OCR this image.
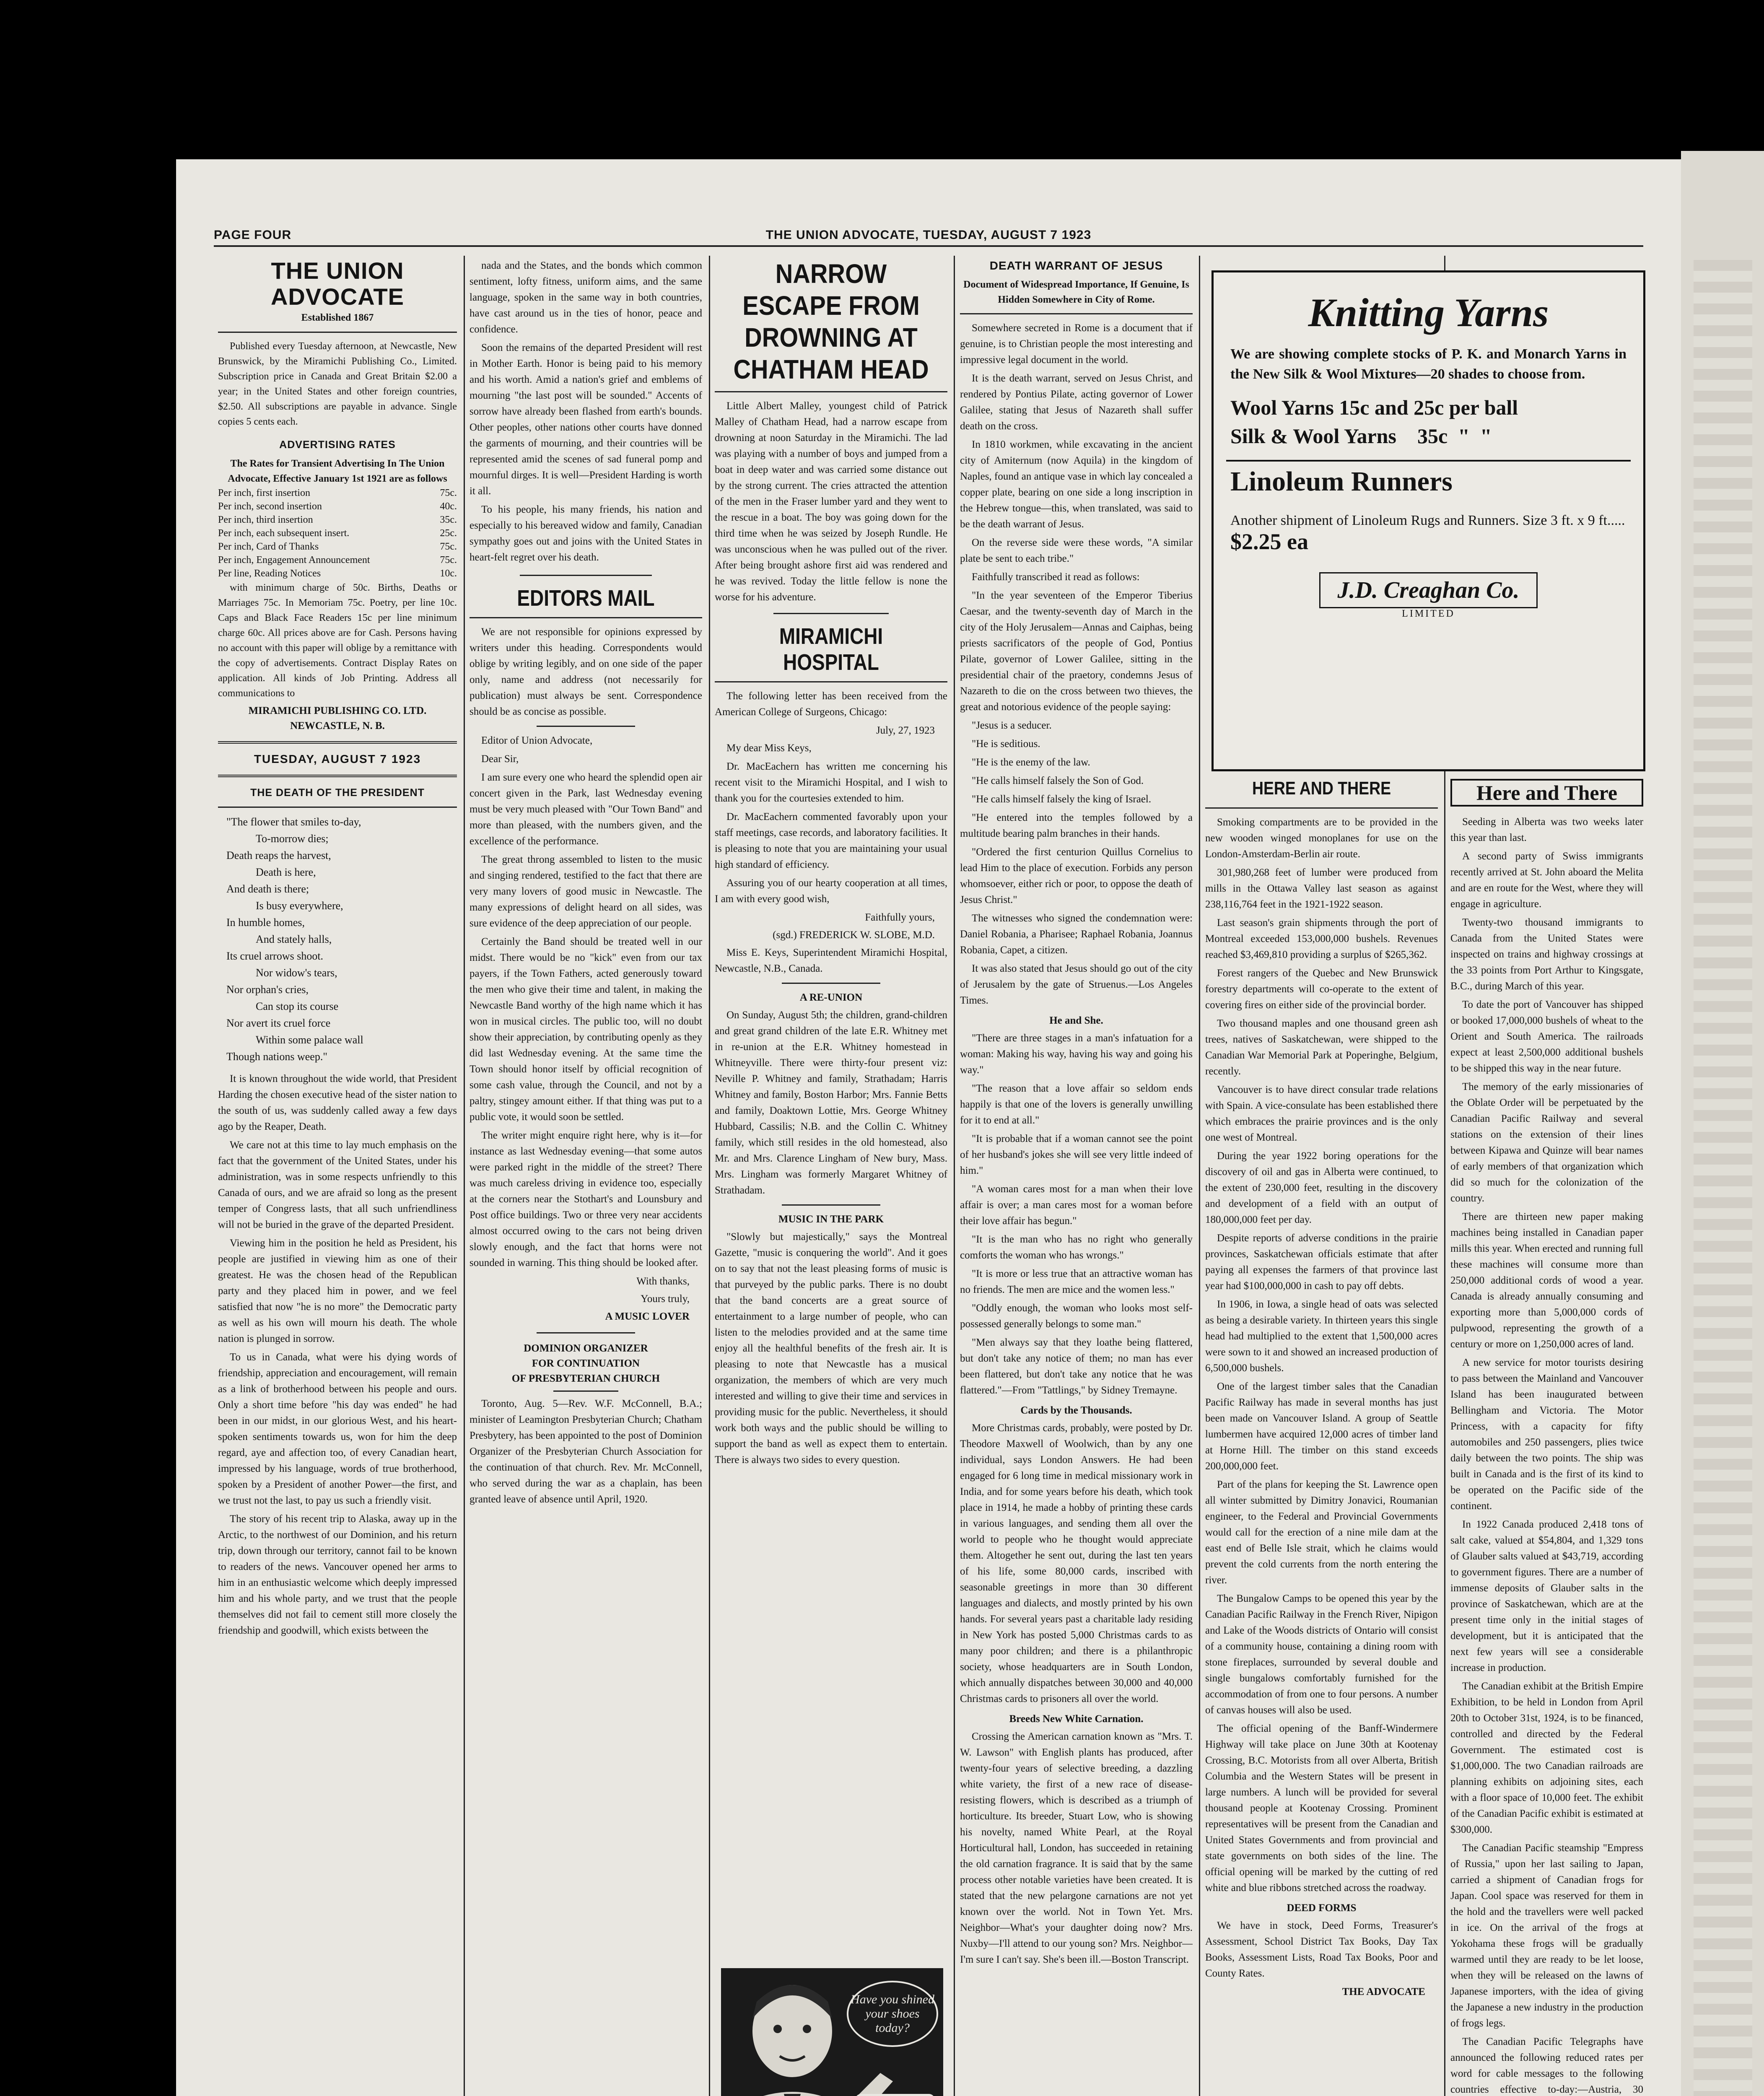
PAGE FOUR	THE UNION ADVOCATE, TUESDAY, AUGUST 7 1923
THE UNION ADVOCATE
Established 1867

Published every Tuesday afternoon, at Newcastle, New Brunswick, by the Miramichi Publishing Co., Limited. Subscription price in Canada and Great Britain $2.00 a year; in the United States and other foreign countries, $2.50. All subscriptions are payable in advance. Single copies 5 cents each.

ADVERTISING RATES
The Rates for Transient Advertising In The Union Advocate, Effective January 1st 1921 are as follows
Per inch, first insertion	75c.
Per inch, second insertion	40c.
Per inch, third insertion	35c.
Per inch, each subsequent insert.	25c.
Per inch, Card of Thanks	75c.
Per inch, Engagement Announcement	75c.
Per line, Reading Notices	10c.

with minimum charge of 50c. Births, Deaths or Marriages 75c. In Memoriam 75c. Poetry, per line 10c. Caps and Black Face Readers 15c per line minimum charge 60c. All prices above are for Cash. Persons having no account with this paper will oblige by a remittance with the copy of advertisements. Contract Display Rates on application. All kinds of Job Printing. Address all communications to

MIRAMICHI PUBLISHING CO. LTD.
NEWCASTLE, N. B.
TUESDAY, AUGUST 7 1923
THE DEATH OF THE PRESIDENT
"The flower that smiles to-day,
To-morrow dies;
Death reaps the harvest,
Death is here,
And death is there;
Is busy everywhere,
In humble homes,
And stately halls,
Its cruel arrows shoot.
Nor widow's tears,
Nor orphan's cries,
Can stop its course
Nor avert its cruel force
Within some palace wall
Though nations weep."

It is known throughout the wide world, that President Harding the chosen executive head of the sister nation to the south of us, was suddenly called away a few days ago by the Reaper, Death.

We care not at this time to lay much emphasis on the fact that the government of the United States, under his administration, was in some respects unfriendly to this Canada of ours, and we are afraid so long as the present temper of Congress lasts, that all such unfriendliness will not be buried in the grave of the departed President.

Viewing him in the position he held as President, his people are justified in viewing him as one of their greatest. He was the chosen head of the Republican party and they placed him in power, and we feel satisfied that now "he is no more" the Democratic party as well as his own will mourn his death. The whole nation is plunged in sorrow.

To us in Canada, what were his dying words of friendship, appreciation and encouragement, will remain as a link of brotherhood between his people and ours. Only a short time before "his day was ended" he had been in our midst, in our glorious West, and his heart-spoken sentiments towards us, won for him the deep regard, aye and affection too, of every Canadian heart, impressed by his language, words of true brotherhood, spoken by a President of another Power—the first, and we trust not the last, to pay us such a friendly visit.

The story of his recent trip to Alaska, away up in the Arctic, to the northwest of our Dominion, and his return trip, down through our territory, cannot fail to be known to readers of the news. Vancouver opened her arms to him in an enthusiastic welcome which deeply impressed him and his whole party, and we trust that the people themselves did not fail to cement still more closely the friendship and goodwill, which exists between the

nada and the States, and the bonds which common sentiment, lofty fitness, uniform aims, and the same language, spoken in the same way in both countries, have cast around us in the ties of honor, peace and confidence.

Soon the remains of the departed President will rest in Mother Earth. Honor is being paid to his memory and his worth. Amid a nation's grief and emblems of mourning "the last post will be sounded." Accents of sorrow have already been flashed from earth's bounds. Other peoples, other nations other courts have donned the garments of mourning, and their countries will be represented amid the scenes of sad funeral pomp and mournful dirges. It is well—President Harding is worth it all.

To his people, his many friends, his nation and especially to his bereaved widow and family, Canadian sympathy goes out and joins with the United States in heart-felt regret over his death.

EDITORS MAIL

We are not responsible for opinions expressed by writers under this heading. Correspondents would oblige by writing legibly, and on one side of the paper only, name and address (not necessarily for publication) must always be sent. Correspondence should be as concise as possible.

Editor of Union Advocate,

Dear Sir,

I am sure every one who heard the splendid open air concert given in the Park, last Wednesday evening must be very much pleased with "Our Town Band" and more than pleased, with the numbers given, and the excellence of the performance.

The great throng assembled to listen to the music and singing rendered, testified to the fact that there are very many lovers of good music in Newcastle. The many expressions of delight heard on all sides, was sure evidence of the deep appreciation of our people.

Certainly the Band should be treated well in our midst. There would be no "kick" even from our tax payers, if the Town Fathers, acted generously toward the men who give their time and talent, in making the Newcastle Band worthy of the high name which it has won in musical circles. The public too, will no doubt show their appreciation, by contributing openly as they did last Wednesday evening. At the same time the Town should honor itself by official recognition of some cash value, through the Council, and not by a paltry, stingey amount either. If that thing was put to a public vote, it would soon be settled.

The writer might enquire right here, why is it—for instance as last Wednesday evening—that some autos were parked right in the middle of the street? There was much careless driving in evidence too, especially at the corners near the Stothart's and Lounsbury and Post office buildings. Two or three very near accidents almost occurred owing to the cars not being driven slowly enough, and the fact that horns were not sounded in warning. This thing should be looked after.

With thanks,
Yours truly,
A MUSIC LOVER
DOMINION ORGANIZER
FOR CONTINUATION
OF PRESBYTERIAN CHURCH

Toronto, Aug. 5—Rev. W.F. McConnell, B.A.; minister of Leamington Presbyterian Church; Chatham Presbytery, has been appointed to the post of Dominion Organizer of the Presbyterian Church Association for the continuation of that church. Rev. Mr. McConnell, who served during the war as a chaplain, has been granted leave of absence until April, 1920.

NARROW ESCAPE FROM DROWNING AT CHATHAM HEAD

Little Albert Malley, youngest child of Patrick Malley of Chatham Head, had a narrow escape from drowning at noon Saturday in the Miramichi. The lad was playing with a number of boys and jumped from a boat in deep water and was carried some distance out by the strong current. The cries attracted the attention of the men in the Fraser lumber yard and they went to the rescue in a boat. The boy was going down for the third time when he was seized by Joseph Rundle. He was unconscious when he was pulled out of the river. After being brought ashore first aid was rendered and he was revived. Today the little fellow is none the worse for his adventure.

MIRAMICHI HOSPITAL

The following letter has been received from the American College of Surgeons, Chicago:

July, 27, 1923

My dear Miss Keys,

Dr. MacEachern has written me concerning his recent visit to the Miramichi Hospital, and I wish to thank you for the courtesies extended to him.

Dr. MacEachern commented favorably upon your staff meetings, case records, and laboratory facilities. It is pleasing to note that you are maintaining your usual high standard of efficiency.

Assuring you of our hearty cooperation at all times, I am with every good wish,

Faithfully yours,
(sgd.) FREDERICK W. SLOBE, M.D.

Miss E. Keys, Superintendent Miramichi Hospital, Newcastle, N.B., Canada.

A RE-UNION

On Sunday, August 5th; the children, grand-children and great grand children of the late E.R. Whitney met in re-union at the E.R. Whitney homestead in Whitneyville. There were thirty-four present viz: Neville P. Whitney and family, Strathadam; Harris Whitney and family, Boston Harbor; Mrs. Fannie Betts and family, Doaktown Lottie, Mrs. George Whitney Hubbard, Cassilis; N.B. and the Collin C. Whitney family, which still resides in the old homestead, also Mr. and Mrs. Clarence Lingham of New bury, Mass. Mrs. Lingham was formerly Margaret Whitney of Strathadam.

MUSIC IN THE PARK

"Slowly but majestically," says the Montreal Gazette, "music is conquering the world". And it goes on to say that not the least pleasing forms of music is that purveyed by the public parks. There is no doubt that the band concerts are a great source of entertainment to a large number of people, who can listen to the melodies provided and at the same time enjoy all the healthful benefits of the fresh air. It is pleasing to note that Newcastle has a musical organization, the members of which are very much interested and willing to give their time and services in providing music for the public. Nevertheless, it should work both ways and the public should be willing to support the band as well as expect them to entertain. There is always two sides to every question.

Have you shined your shoes today?
DEATH WARRANT OF JESUS
Document of Widespread Importance, If Genuine, Is Hidden Somewhere in City of Rome.

Somewhere secreted in Rome is a document that if genuine, is to Christian people the most interesting and impressive legal document in the world.

It is the death warrant, served on Jesus Christ, and rendered by Pontius Pilate, acting governor of Lower Galilee, stating that Jesus of Nazareth shall suffer death on the cross.

In 1810 workmen, while excavating in the ancient city of Amiternum (now Aquila) in the kingdom of Naples, found an antique vase in which lay concealed a copper plate, bearing on one side a long inscription in the Hebrew tongue—this, when translated, was said to be the death warrant of Jesus.

On the reverse side were these words, "A similar plate be sent to each tribe."

Faithfully transcribed it read as follows:

"In the year seventeen of the Emperor Tiberius Caesar, and the twenty-seventh day of March in the city of the Holy Jerusalem—Annas and Caiphas, being priests sacrificators of the people of God, Pontius Pilate, governor of Lower Galilee, sitting in the presidential chair of the praetory, condemns Jesus of Nazareth to die on the cross between two thieves, the great and notorious evidence of the people saying:

"Jesus is a seducer.

"He is seditious.

"He is the enemy of the law.

"He calls himself falsely the Son of God.

"He calls himself falsely the king of Israel.

"He entered into the temples followed by a multitude bearing palm branches in their hands.

"Ordered the first centurion Quillus Cornelius to lead Him to the place of execution. Forbids any person whomsoever, either rich or poor, to oppose the death of Jesus Christ."

The witnesses who signed the condemnation were: Daniel Robania, a Pharisee; Raphael Robania, Joannus Robania, Capet, a citizen.

It was also stated that Jesus should go out of the city of Jerusalem by the gate of Struenus.—Los Angeles Times.

He and She.

"There are three stages in a man's infatuation for a woman: Making his way, having his way and going his way."

"The reason that a love affair so seldom ends happily is that one of the lovers is generally unwilling for it to end at all."

"It is probable that if a woman cannot see the point of her husband's jokes she will see very little indeed of him."

"A woman cares most for a man when their love affair is over; a man cares most for a woman before their love affair has begun."

"It is the man who has no right who generally comforts the woman who has wrongs."

"It is more or less true that an attractive woman has no friends. The men are mice and the women less."

"Oddly enough, the woman who looks most self-possessed generally belongs to some man."

"Men always say that they loathe being flattered, but don't take any notice of them; no man has ever been flattered, but don't take any notice that he was flattered."—From "Tattlings," by Sidney Tremayne.

Cards by the Thousands.

More Christmas cards, probably, were posted by Dr. Theodore Maxwell of Woolwich, than by any one individual, says London Answers. He had been engaged for 6 long time in medical missionary work in India, and for some years before his death, which took place in 1914, he made a hobby of printing these cards in various languages, and sending them all over the world to people who he thought would appreciate them. Altogether he sent out, during the last ten years of his life, some 80,000 cards, inscribed with seasonable greetings in more than 30 different languages and dialects, and mostly printed by his own hands. For several years past a charitable lady residing in New York has posted 5,000 Christmas cards to as many poor children; and there is a philanthropic society, whose headquarters are in South London, which annually dispatches between 30,000 and 40,000 Christmas cards to prisoners all over the world.

Breeds New White Carnation.

Crossing the American carnation known as "Mrs. T. W. Lawson" with English plants has produced, after twenty-four years of selective breeding, a dazzling white variety, the first of a new race of disease-resisting flowers, which is described as a triumph of horticulture. Its breeder, Stuart Low, who is showing his novelty, named White Pearl, at the Royal Horticultural hall, London, has succeeded in retaining the old carnation fragrance. It is said that by the same process other notable varieties have been created. It is stated that the new pelargone carnations are not yet known over the world. Not in Town Yet. Mrs. Neighbor—What's your daughter doing now? Mrs. Nuxby—I'll attend to our young son? Mrs. Neighbor—I'm sure I can't say. She's been ill.—Boston Transcript.

Knitting Yarns
We are showing complete stocks of P. K. and Monarch Yarns in the New Silk & Wool Mixtures—20 shades to choose from.
Wool Yarns 15c and 25c per ball
Silk & Wool Yarns    35c  "  "
Linoleum Runners
Another shipment of Linoleum Rugs and Runners. Size 3 ft. x 9 ft..... $2.25 ea
J.D. Creaghan Co.
LIMITED
HERE AND THERE

Smoking compartments are to be provided in the new wooden winged monoplanes for use on the London-Amsterdam-Berlin air route.

301,980,268 feet of lumber were produced from mills in the Ottawa Valley last season as against 238,116,764 feet in the 1921-1922 season.

Last season's grain shipments through the port of Montreal exceeded 153,000,000 bushels. Revenues reached $3,469,810 providing a surplus of $265,362.

Forest rangers of the Quebec and New Brunswick forestry departments will co-operate to the extent of covering fires on either side of the provincial border.

Two thousand maples and one thousand green ash trees, natives of Saskatchewan, were shipped to the Canadian War Memorial Park at Poperinghe, Belgium, recently.

Vancouver is to have direct consular trade relations with Spain. A vice-consulate has been established there which embraces the prairie provinces and is the only one west of Montreal.

During the year 1922 boring operations for the discovery of oil and gas in Alberta were continued, to the extent of 230,000 feet, resulting in the discovery and development of a field with an output of 180,000,000 feet per day.

Despite reports of adverse conditions in the prairie provinces, Saskatchewan officials estimate that after paying all expenses the farmers of that province last year had $100,000,000 in cash to pay off debts.

In 1906, in Iowa, a single head of oats was selected as being a desirable variety. In thirteen years this single head had multiplied to the extent that 1,500,000 acres were sown to it and showed an increased production of 6,500,000 bushels.

One of the largest timber sales that the Canadian Pacific Railway has made in several months has just been made on Vancouver Island. A group of Seattle lumbermen have acquired 12,000 acres of timber land at Horne Hill. The timber on this stand exceeds 200,000,000 feet.

Part of the plans for keeping the St. Lawrence open all winter submitted by Dimitry Jonavici, Roumanian engineer, to the Federal and Provincial Governments would call for the erection of a nine mile dam at the east end of Belle Isle strait, which he claims would prevent the cold currents from the north entering the river.

The Bungalow Camps to be opened this year by the Canadian Pacific Railway in the French River, Nipigon and Lake of the Woods districts of Ontario will consist of a community house, containing a dining room with stone fireplaces, surrounded by several double and single bungalows comfortably furnished for the accommodation of from one to four persons. A number of canvas houses will also be used.

The official opening of the Banff-Windermere Highway will take place on June 30th at Kootenay Crossing, B.C. Motorists from all over Alberta, British Columbia and the Western States will be present in large numbers. A lunch will be provided for several thousand people at Kootenay Crossing. Prominent representatives will be present from the Canadian and United States Governments and from provincial and state governments on both sides of the line. The official opening will be marked by the cutting of red white and blue ribbons stretched across the roadway.

DEED FORMS

We have in stock, Deed Forms, Treasurer's Assessment, School District Tax Books, Day Tax Books, Assessment Lists, Road Tax Books, Poor and County Rates.

THE ADVOCATE
Here and There

Seeding in Alberta was two weeks later this year than last.

A second party of Swiss immigrants recently arrived at St. John aboard the Melita and are en route for the West, where they will engage in agriculture.

Twenty-two thousand immigrants to Canada from the United States were inspected on trains and highway crossings at the 33 points from Port Arthur to Kingsgate, B.C., during March of this year.

To date the port of Vancouver has shipped or booked 17,000,000 bushels of wheat to the Orient and South America. The railroads expect at least 2,500,000 additional bushels to be shipped this way in the near future.

The memory of the early missionaries of the Oblate Order will be perpetuated by the Canadian Pacific Railway and several stations on the extension of their lines between Kipawa and Quinze will bear names of early members of that organization which did so much for the colonization of the country.

There are thirteen new paper making machines being installed in Canadian paper mills this year. When erected and running full these machines will consume more than 250,000 additional cords of wood a year. Canada is already annually consuming and exporting more than 5,000,000 cords of pulpwood, representing the growth of a century or more on 1,250,000 acres of land.

A new service for motor tourists desiring to pass between the Mainland and Vancouver Island has been inaugurated between Bellingham and Victoria. The Motor Princess, with a capacity for fifty automobiles and 250 passengers, plies twice daily between the two points. The ship was built in Canada and is the first of its kind to be operated on the Pacific side of the continent.

In 1922 Canada produced 2,418 tons of salt cake, valued at $54,804, and 1,329 tons of Glauber salts valued at $43,719, according to government figures. There are a number of immense deposits of Glauber salts in the province of Saskatchewan, which are at the present time only in the initial stages of development, but it is anticipated that the next few years will see a considerable increase in production.

The Canadian exhibit at the British Empire Exhibition, to be held in London from April 20th to October 31st, 1924, is to be financed, controlled and directed by the Federal Government. The estimated cost is $1,000,000. The two Canadian railroads are planning exhibits on adjoining sites, each with a floor space of 10,000 feet. The exhibit of the Canadian Pacific exhibit is estimated at $300,000.

The Canadian Pacific steamship "Empress of Russia," upon her last sailing to Japan, carried a shipment of Canadian frogs for Japan. Cool space was reserved for them in the hold and the travellers were well packed in ice. On the arrival of the frogs at Yokohama these frogs will be gradually warmed until they are ready to be let loose, when they will be released on the lawns of Japanese importers, with the idea of giving the Japanese a new industry in the production of frogs legs.

The Canadian Pacific Telegraphs have announced the following reduced rates per word for cable messages to the following countries effective to-day:—Austria, 30
